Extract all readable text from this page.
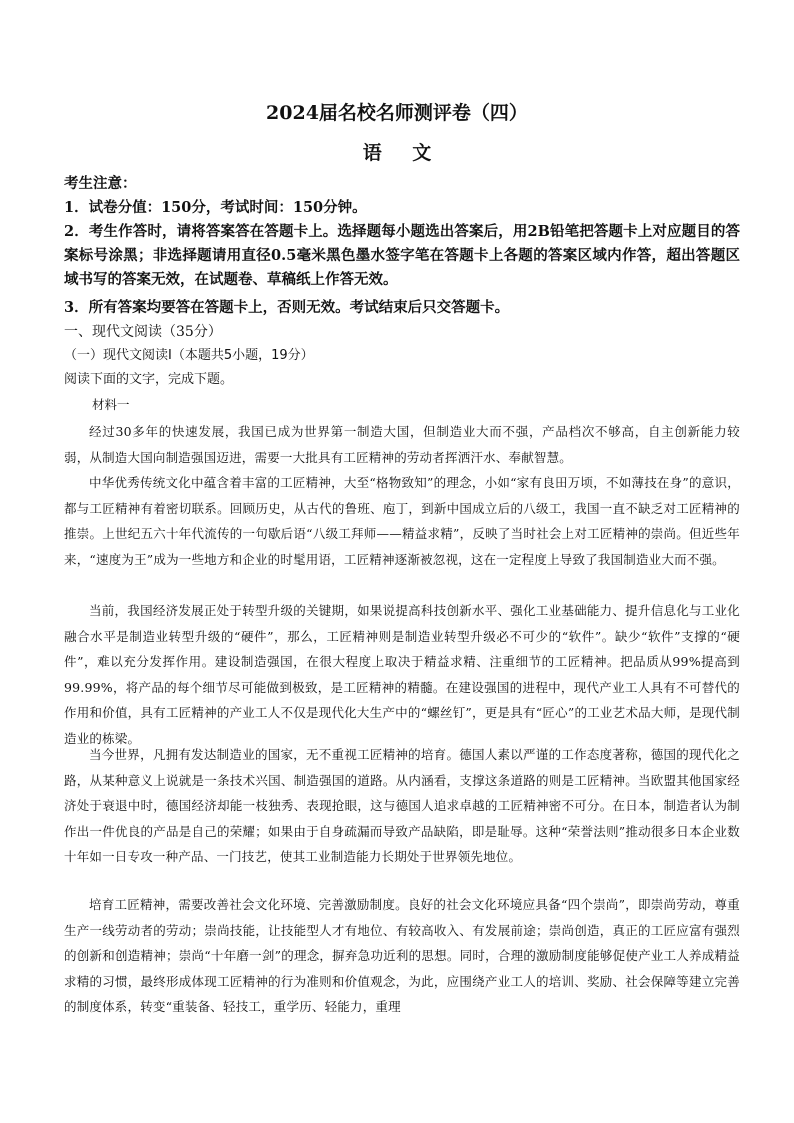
2024届名校名师测评卷（四）
语 文
考生注意：
1．试卷分值：150分，考试时间：150分钟。
2．考生作答时，请将答案答在答题卡上。选择题每小题选出答案后，用2B铅笔把答题卡上对应题目的答案标号涂黑；非选择题请用直径0.5毫米黑色墨水签字笔在答题卡上各题的答案区域内作答，超出答题区域书写的答案无效，在试题卷、草稿纸上作答无效。
3．所有答案均要答在答题卡上，否则无效。考试结束后只交答题卡。
一、现代文阅读（35分）
（一）现代文阅读Ⅰ（本题共5小题，19分）
阅读下面的文字，完成下题。
材料一
经过30多年的快速发展，我国已成为世界第一制造大国，但制造业大而不强，产品档次不够高，自主创新能力较弱，从制造大国向制造强国迈进，需要一大批具有工匠精神的劳动者挥洒汗水、奉献智慧。
中华优秀传统文化中蕴含着丰富的工匠精神，大至“格物致知”的理念，小如“家有良田万顷，不如薄技在身”的意识，都与工匠精神有着密切联系。回顾历史，从古代的鲁班、庖丁，到新中国成立后的八级工，我国一直不缺乏对工匠精神的推崇。上世纪五六十年代流传的一句歇后语“八级工拜师——精益求精”，反映了当时社会上对工匠精神的崇尚。但近些年来，“速度为王”成为一些地方和企业的时髦用语，工匠精神逐渐被忽视，这在一定程度上导致了我国制造业大而不强。
当前，我国经济发展正处于转型升级的关键期，如果说提高科技创新水平、强化工业基础能力、提升信息化与工业化融合水平是制造业转型升级的“硬件”，那么，工匠精神则是制造业转型升级必不可少的“软件”。缺少“软件”支撑的“硬件”，难以充分发挥作用。建设制造强国，在很大程度上取决于精益求精、注重细节的工匠精神。把品质从99%提高到99.99%，将产品的每个细节尽可能做到极致，是工匠精神的精髓。在建设强国的进程中，现代产业工人具有不可替代的作用和价值，具有工匠精神的产业工人不仅是现代化大生产中的“螺丝钉”，更是具有“匠心”的工业艺术品大师，是现代制造业的栋梁。
当今世界，凡拥有发达制造业的国家，无不重视工匠精神的培育。德国人素以严谨的工作态度著称，德国的现代化之路，从某种意义上说就是一条技术兴国、制造强国的道路。从内涵看，支撑这条道路的则是工匠精神。当欧盟其他国家经济处于衰退中时，德国经济却能一枝独秀、表现抢眼，这与德国人追求卓越的工匠精神密不可分。在日本，制造者认为制作出一件优良的产品是自己的荣耀；如果由于自身疏漏而导致产品缺陷，即是耻辱。这种“荣誉法则”推动很多日本企业数十年如一日专攻一种产品、一门技艺，使其工业制造能力长期处于世界领先地位。
培育工匠精神，需要改善社会文化环境、完善激励制度。良好的社会文化环境应具备“四个崇尚”，即崇尚劳动，尊重生产一线劳动者的劳动；崇尚技能，让技能型人才有地位、有较高收入、有发展前途；崇尚创造，真正的工匠应富有强烈的创新和创造精神；崇尚“十年磨一剑”的理念，摒弃急功近利的思想。同时，合理的激励制度能够促使产业工人养成精益求精的习惯，最终形成体现工匠精神的行为准则和价值观念，为此，应围绕产业工人的培训、奖励、社会保障等建立完善的制度体系，转变“重装备、轻技工，重学历、轻能力，重理
